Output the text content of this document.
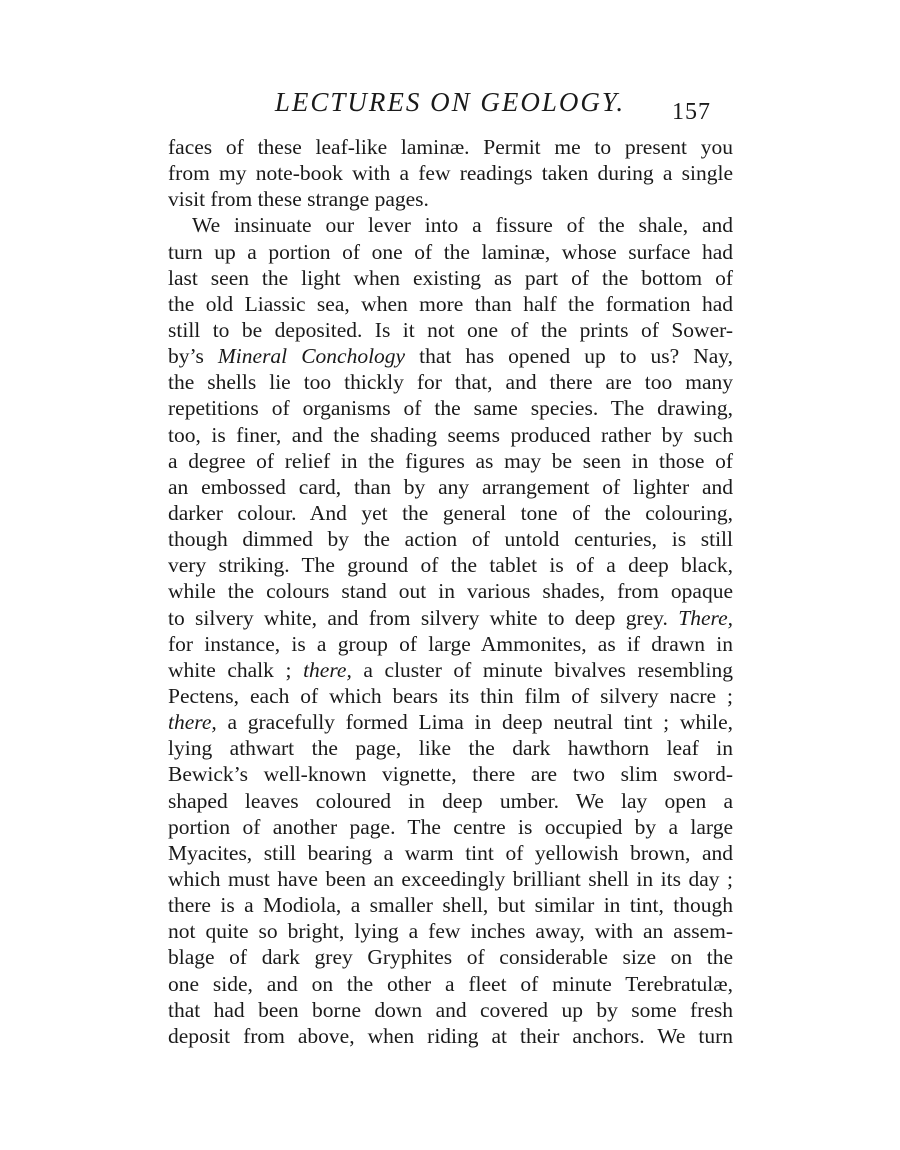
LECTURES ON GEOLOGY. 157
faces of these leaf-like laminæ. Permit me to present you
from my note-book with a few readings taken during a single
visit from these strange pages.
We insinuate our lever into a fissure of the shale, and
turn up a portion of one of the laminæ, whose surface had
last seen the light when existing as part of the bottom of
the old Liassic sea, when more than half the formation had
still to be deposited. Is it not one of the prints of Sower-
by’s Mineral Conchology that has opened up to us? Nay,
the shells lie too thickly for that, and there are too many
repetitions of organisms of the same species. The drawing,
too, is finer, and the shading seems produced rather by such
a degree of relief in the figures as may be seen in those of
an embossed card, than by any arrangement of lighter and
darker colour. And yet the general tone of the colouring,
though dimmed by the action of untold centuries, is still
very striking. The ground of the tablet is of a deep black,
while the colours stand out in various shades, from opaque
to silvery white, and from silvery white to deep grey. There,
for instance, is a group of large Ammonites, as if drawn in
white chalk ; there, a cluster of minute bivalves resembling
Pectens, each of which bears its thin film of silvery nacre ;
there, a gracefully formed Lima in deep neutral tint ; while,
lying athwart the page, like the dark hawthorn leaf in
Bewick’s well-known vignette, there are two slim sword-
shaped leaves coloured in deep umber. We lay open a
portion of another page. The centre is occupied by a large
Myacites, still bearing a warm tint of yellowish brown, and
which must have been an exceedingly brilliant shell in its day ;
there is a Modiola, a smaller shell, but similar in tint, though
not quite so bright, lying a few inches away, with an assem-
blage of dark grey Gryphites of considerable size on the
one side, and on the other a fleet of minute Terebratulæ,
that had been borne down and covered up by some fresh
deposit from above, when riding at their anchors. We turn
